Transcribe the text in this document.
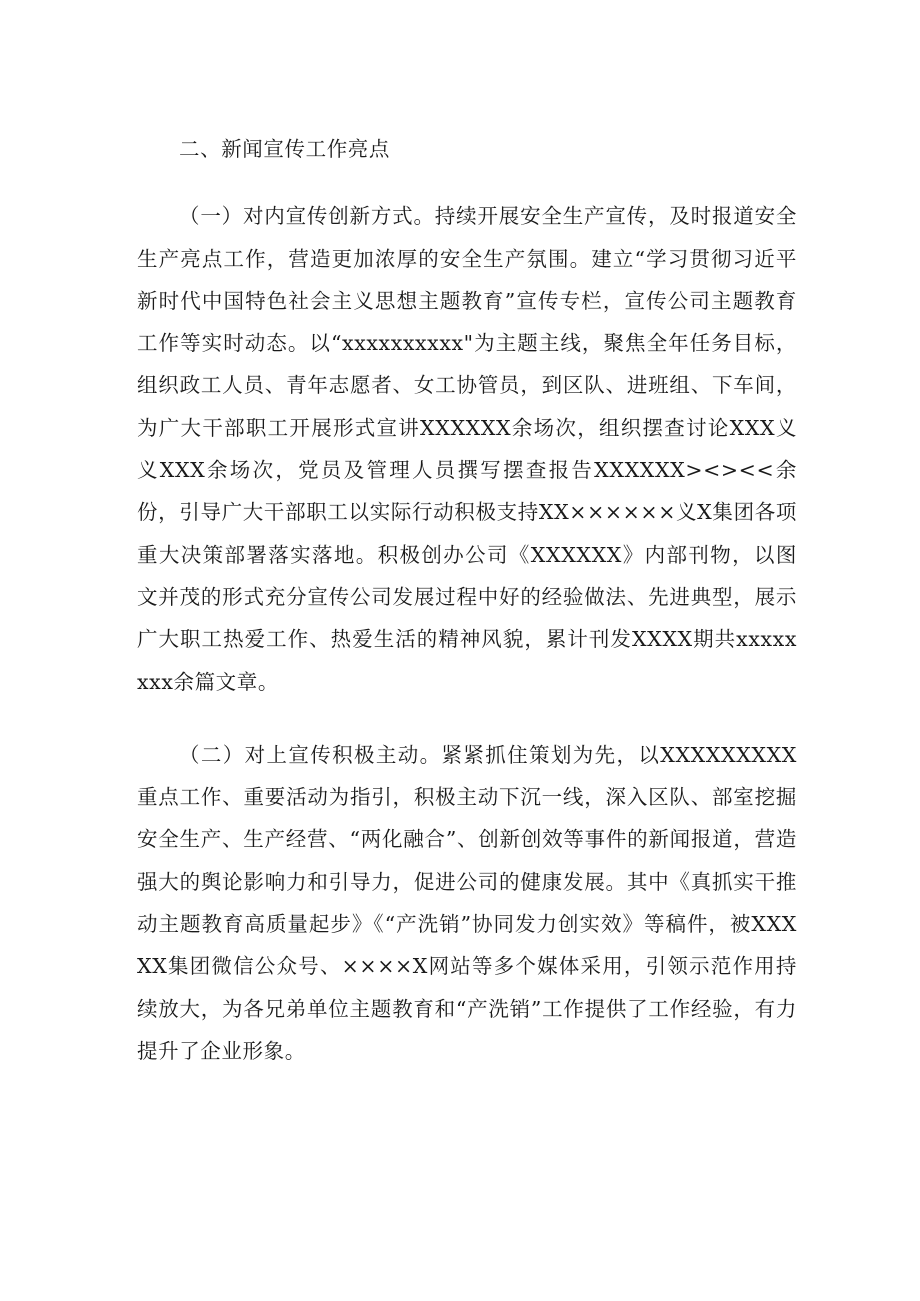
二、新闻宣传工作亮点

（一）对内宣传创新方式。持续开展安全生产宣传，及时报道安全生产亮点工作，营造更加浓厚的安全生产氛围。建立“学习贯彻习近平新时代中国特色社会主义思想主题教育”宣传专栏，宣传公司主题教育工作等实时动态。以“xxxxxxxxxx"为主题主线，聚焦全年任务目标，组织政工人员、青年志愿者、女工协管员，到区队、进班组、下车间，为广大干部职工开展形式宣讲XXXXXX余场次，组织摆查讨论XXX义义XXX余场次，党员及管理人员撰写摆查报告XXXXXX><><<余份，引导广大干部职工以实际行动积极支持XX××××××义X集团各项重大决策部署落实落地。积极创办公司《XXXXXX》内部刊物，以图文并茂的形式充分宣传公司发展过程中好的经验做法、先进典型，展示广大职工热爱工作、热爱生活的精神风貌，累计刊发XXXX期共xxxxxxxx余篇文章。

（二）对上宣传积极主动。紧紧抓住策划为先，以XXXXXXXXX重点工作、重要活动为指引，积极主动下沉一线，深入区队、部室挖掘安全生产、生产经营、“两化融合”、创新创效等事件的新闻报道，营造强大的舆论影响力和引导力，促进公司的健康发展。其中《真抓实干推动主题教育高质量起步》《“产洗销”协同发力创实效》等稿件，被XXXXX集团微信公众号、××××X网站等多个媒体采用，引领示范作用持续放大，为各兄弟单位主题教育和“产洗销”工作提供了工作经验，有力提升了企业形象。
